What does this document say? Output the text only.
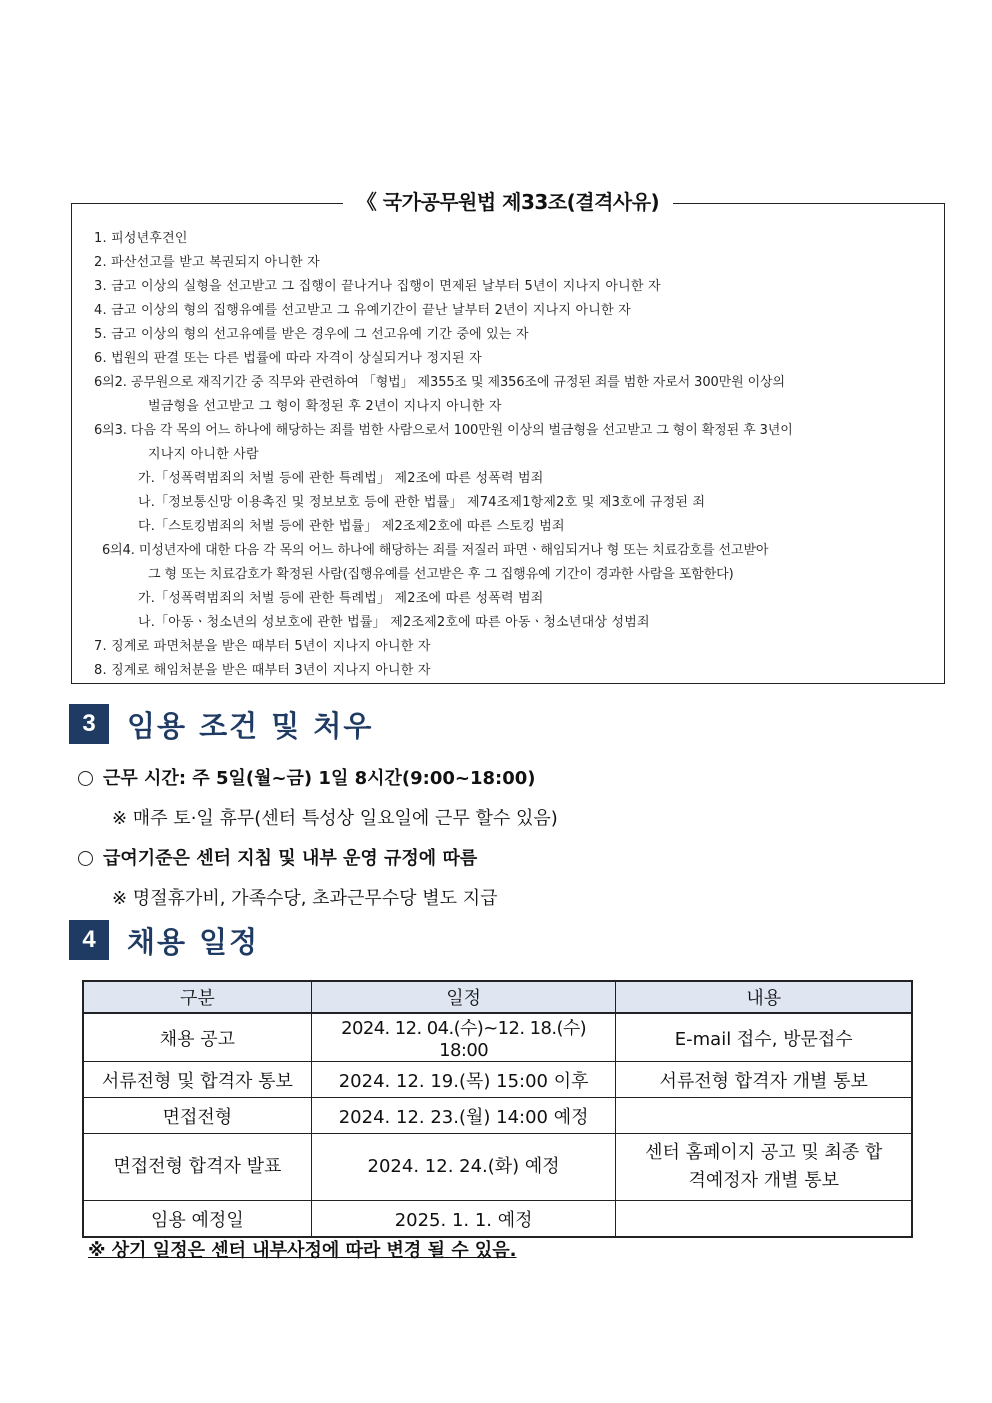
《 국가공무원법 제33조(결격사유)
1. 피성년후견인
2. 파산선고를 받고 복권되지 아니한 자
3. 금고 이상의 실형을 선고받고 그 집행이 끝나거나 집행이 면제된 날부터 5년이 지나지 아니한 자
4. 금고 이상의 형의 집행유예를 선고받고 그 유예기간이 끝난 날부터 2년이 지나지 아니한 자
5. 금고 이상의 형의 선고유예를 받은 경우에 그 선고유예 기간 중에 있는 자
6. 법원의 판결 또는 다른 법률에 따라 자격이 상실되거나 정지된 자
6의2. 공무원으로 재직기간 중 직무와 관련하여 「형법」 제355조 및 제356조에 규정된 죄를 범한 자로서 300만원 이상의
벌금형을 선고받고 그 형이 확정된 후 2년이 지나지 아니한 자
6의3. 다음 각 목의 어느 하나에 해당하는 죄를 범한 사람으로서 100만원 이상의 벌금형을 선고받고 그 형이 확정된 후 3년이
지나지 아니한 사람
가.「성폭력범죄의 처벌 등에 관한 특례법」 제2조에 따른 성폭력 범죄
나.「정보통신망 이용촉진 및 정보보호 등에 관한 법률」 제74조제1항제2호 및 제3호에 규정된 죄
다.「스토킹범죄의 처벌 등에 관한 법률」 제2조제2호에 따른 스토킹 범죄
6의4. 미성년자에 대한 다음 각 목의 어느 하나에 해당하는 죄를 저질러 파면ㆍ해임되거나 형 또는 치료감호를 선고받아
그 형 또는 치료감호가 확정된 사람(집행유예를 선고받은 후 그 집행유예 기간이 경과한 사람을 포함한다)
가.「성폭력범죄의 처벌 등에 관한 특례법」 제2조에 따른 성폭력 범죄
나.「아동ㆍ청소년의 성보호에 관한 법률」 제2조제2호에 따른 아동ㆍ청소년대상 성범죄
7. 징계로 파면처분을 받은 때부터 5년이 지나지 아니한 자
8. 징계로 해임처분을 받은 때부터 3년이 지나지 아니한 자
3	임용 조건 및 처우
근무 시간: 주 5일(월~금) 1일 8시간(9:00~18:00)
※ 매주 토·일 휴무(센터 특성상 일요일에 근무 할수 있음)
급여기준은 센터 지침 및 내부 운영 규정에 따름
※ 명절휴가비, 가족수당, 초과근무수당 별도 지급
4	채용 일정
구분	일정	내용
채용 공고	2024. 12. 04.(수)~12. 18.(수) 18:00	E-mail 접수, 방문접수
서류전형 및 합격자 통보	2024. 12. 19.(목) 15:00 이후	서류전형 합격자 개별 통보
면접전형	2024. 12. 23.(월) 14:00 예정	
면접전형 합격자 발표	2024. 12. 24.(화) 예정	센터 홈페이지 공고 및 최종 합격예정자 개별 통보
임용 예정일	2025. 1. 1. 예정	
※ 상기 일정은 센터 내부사정에 따라 변경 될 수 있음.
